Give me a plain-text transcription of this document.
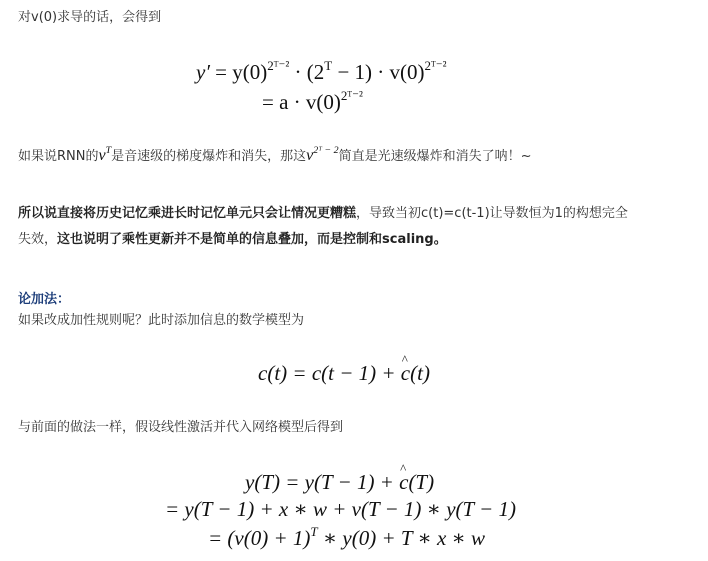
对v(0)求导的话，会得到
$y' = y(0)^{2ᵀ^{-2}} \cdot (2^T - 1) \cdot v(0)^{2ᵀ^{-2}}$
= $a \cdot v(0)^{2ᵀ^{-2}}$
如果说RNN的$v^T$是音速级的梯度爆炸和消失，那这$v^{2ᵀ - 2}$简直是光速级爆炸和消失了呐！~
所以说直接将历史记忆乘进长时记忆单元只会让情况更糟糕，导致当初c(t)=c(t-1)让导数恒为1的构想完全
失效，这也说明了乘性更新并不是简单的信息叠加，而是控制和scaling。
论加法：
如果改成加性规则呢？此时添加信息的数学模型为
c(t) = c(t − 1) + ^ c(t)
与前面的做法一样，假设线性激活并代入网络模型后得到
y(T) = y(T − 1) + ^ c(T)
= y(T − 1) + x ∗ w + v(T − 1) ∗ y(T − 1)
= $(v(0) + 1)^T$ ∗ y(0) + T ∗ x ∗ w
